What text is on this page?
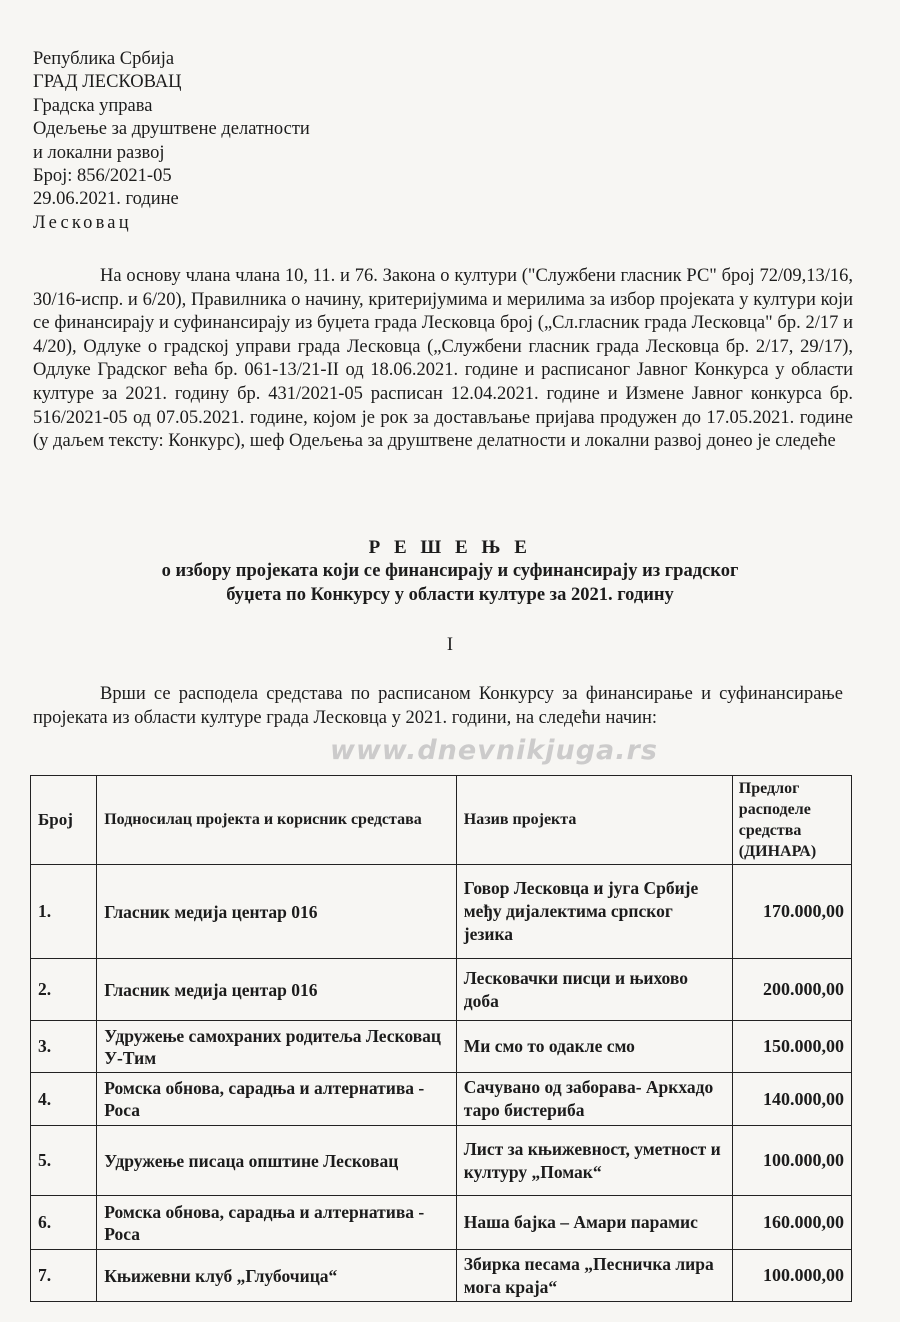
Република Србија
ГРАД ЛЕСКОВАЦ
Градска управа
Одељење за друштвене делатности
и локални развој
Број: 856/2021-05
29.06.2021. године
Лесковац
На основу члана члана 10, 11. и 76. Закона о култури ("Службени гласник РС" број 72/09,13/16, 30/16-испр. и 6/20), Правилника о начину, критеријумима и мерилима за избор пројеката у култури који се финансирају и суфинансирају из буџета града Лесковца број („Сл.гласник града Лесковца" бр. 2/17 и 4/20), Одлуке о градској управи града Лесковца („Службени гласник града Лесковца бр. 2/17, 29/17), Одлуке Градског већа бр. 061-13/21-II од 18.06.2021. године и расписаног Јавног Конкурса у области културе за 2021. годину бр. 431/2021-05 расписан 12.04.2021. године и Измене Јавног конкурса бр. 516/2021-05 од 07.05.2021. године, којом је рок за достављање пријава продужен до 17.05.2021. године (у даљем тексту: Конкурс), шеф Одељења за друштвене делатности и локални развој донео је следеће
Р Е Ш Е Њ Е
о избору пројеката који се финансирају и суфинансирају из градског
буџета по Конкурсу у области културе за 2021. годину
I
Врши се расподела средстава по расписаном Конкурсу за финансирање и суфинансирање пројеката из области културе града Лесковца у 2021. години, на следећи начин:
www.dnevnikjuga.rs
Број	Подносилац пројекта и корисник средстава	Назив пројекта	Предлог
расподеле
средства
(ДИНАРА)

1.	Гласник медија центар 016	Говор Лесковца и југа Србије међу дијалектима српског језика	170.000,00
2.	Гласник медија центар 016	Лесковачки писци и њихово доба	200.000,00
3.	Удружење самохраних родитеља Лесковац У-Тим	Ми смо то одакле смо	150.000,00
4.	Ромска обнова, сарадња и алтернатива - Роса	Сачувано од заборава- Аркхадо таро бистериба	140.000,00
5.	Удружење писаца општине Лесковац	Лист за књижевност, уметност и културу „Помак“	100.000,00
6.	Ромска обнова, сарадња и алтернатива - Роса	Наша бајка – Амари парамис	160.000,00
7.	Књижевни клуб „Глубочица“	Збирка песама „Песничка лира мога краја“	100.000,00
